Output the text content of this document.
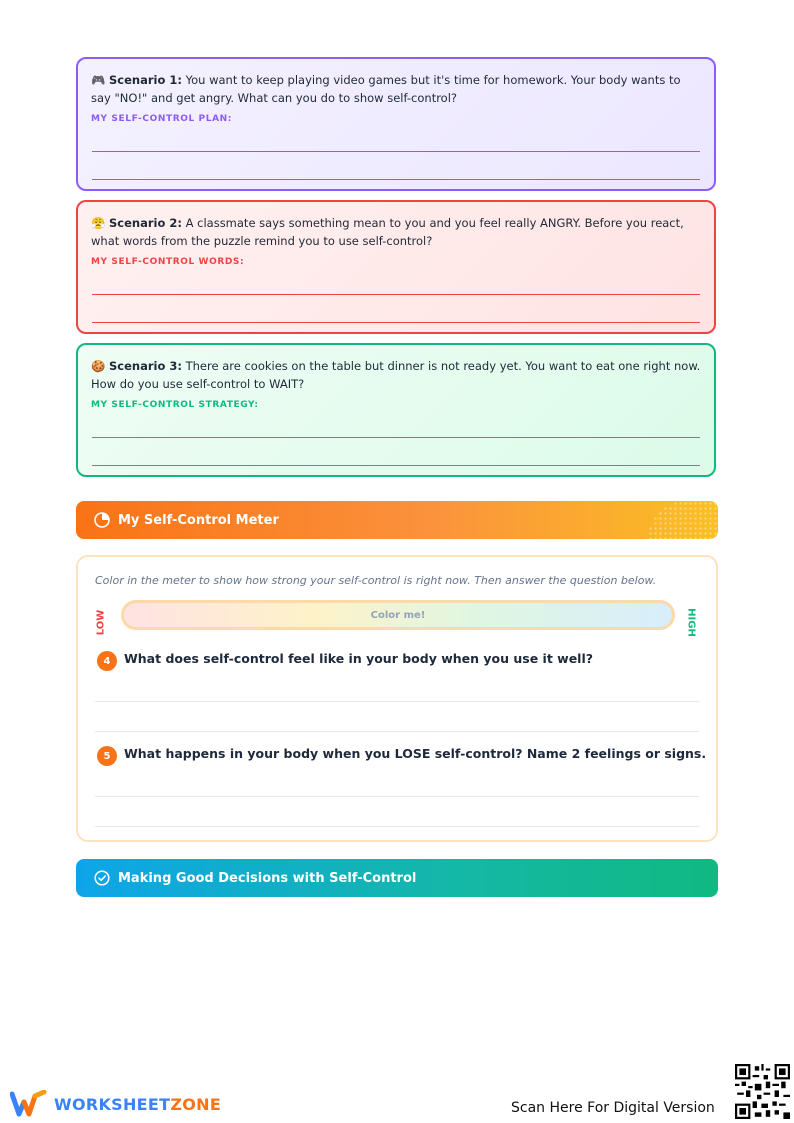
🎮 Scenario 1: You want to keep playing video games but it's time for homework. Your body wants to say "NO!" and get angry. What can you do to show self-control?
MY SELF-CONTROL PLAN:
😤 Scenario 2: A classmate says something mean to you and you feel really ANGRY. Before you react, what words from the puzzle remind you to use self-control?
MY SELF-CONTROL WORDS:
🍪 Scenario 3: There are cookies on the table but dinner is not ready yet. You want to eat one right now. How do you use self-control to WAIT?
MY SELF-CONTROL STRATEGY:
My Self-Control Meter
Color in the meter to show how strong your self-control is right now. Then answer the question below.
LOW	Color me!	HIGH
4	What does self-control feel like in your body when you use it well?
5	What happens in your body when you LOSE self-control? Name 2 feelings or signs.
Making Good Decisions with Self-Control
WORKSHEETZONE	Scan Here For Digital Version
